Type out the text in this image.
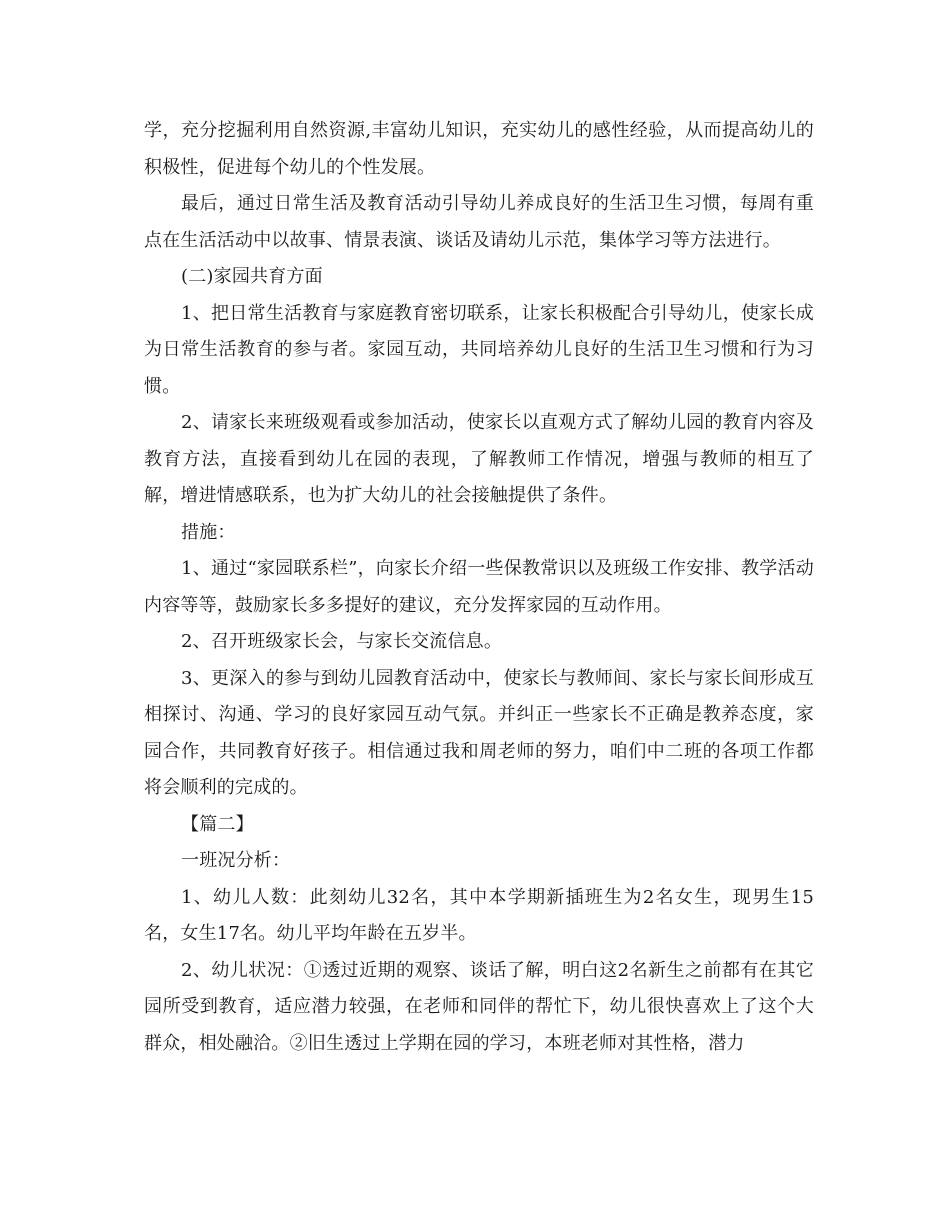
学，充分挖掘利用自然资源,丰富幼儿知识，充实幼儿的感性经验，从而提高幼儿的积极性，促进每个幼儿的个性发展。

最后，通过日常生活及教育活动引导幼儿养成良好的生活卫生习惯，每周有重点在生活活动中以故事、情景表演、谈话及请幼儿示范，集体学习等方法进行。

(二)家园共育方面

1、把日常生活教育与家庭教育密切联系，让家长积极配合引导幼儿，使家长成为日常生活教育的参与者。家园互动，共同培养幼儿良好的生活卫生习惯和行为习惯。

2、请家长来班级观看或参加活动，使家长以直观方式了解幼儿园的教育内容及教育方法，直接看到幼儿在园的表现，了解教师工作情况，增强与教师的相互了解，增进情感联系，也为扩大幼儿的社会接触提供了条件。

措施：

1、通过“家园联系栏”，向家长介绍一些保教常识以及班级工作安排、教学活动内容等等，鼓励家长多多提好的建议，充分发挥家园的互动作用。

2、召开班级家长会，与家长交流信息。

3、更深入的参与到幼儿园教育活动中，使家长与教师间、家长与家长间形成互相探讨、沟通、学习的良好家园互动气氛。并纠正一些家长不正确是教养态度，家园合作，共同教育好孩子。相信通过我和周老师的努力，咱们中二班的各项工作都将会顺利的完成的。

【篇二】

一班况分析：

1、幼儿人数：此刻幼儿32名，其中本学期新插班生为2名女生，现男生15名，女生17名。幼儿平均年龄在五岁半。

2、幼儿状况：①透过近期的观察、谈话了解，明白这2名新生之前都有在其它园所受到教育，适应潜力较强，在老师和同伴的帮忙下，幼儿很快喜欢上了这个大群众，相处融洽。②旧生透过上学期在园的学习，本班老师对其性格，潜力
